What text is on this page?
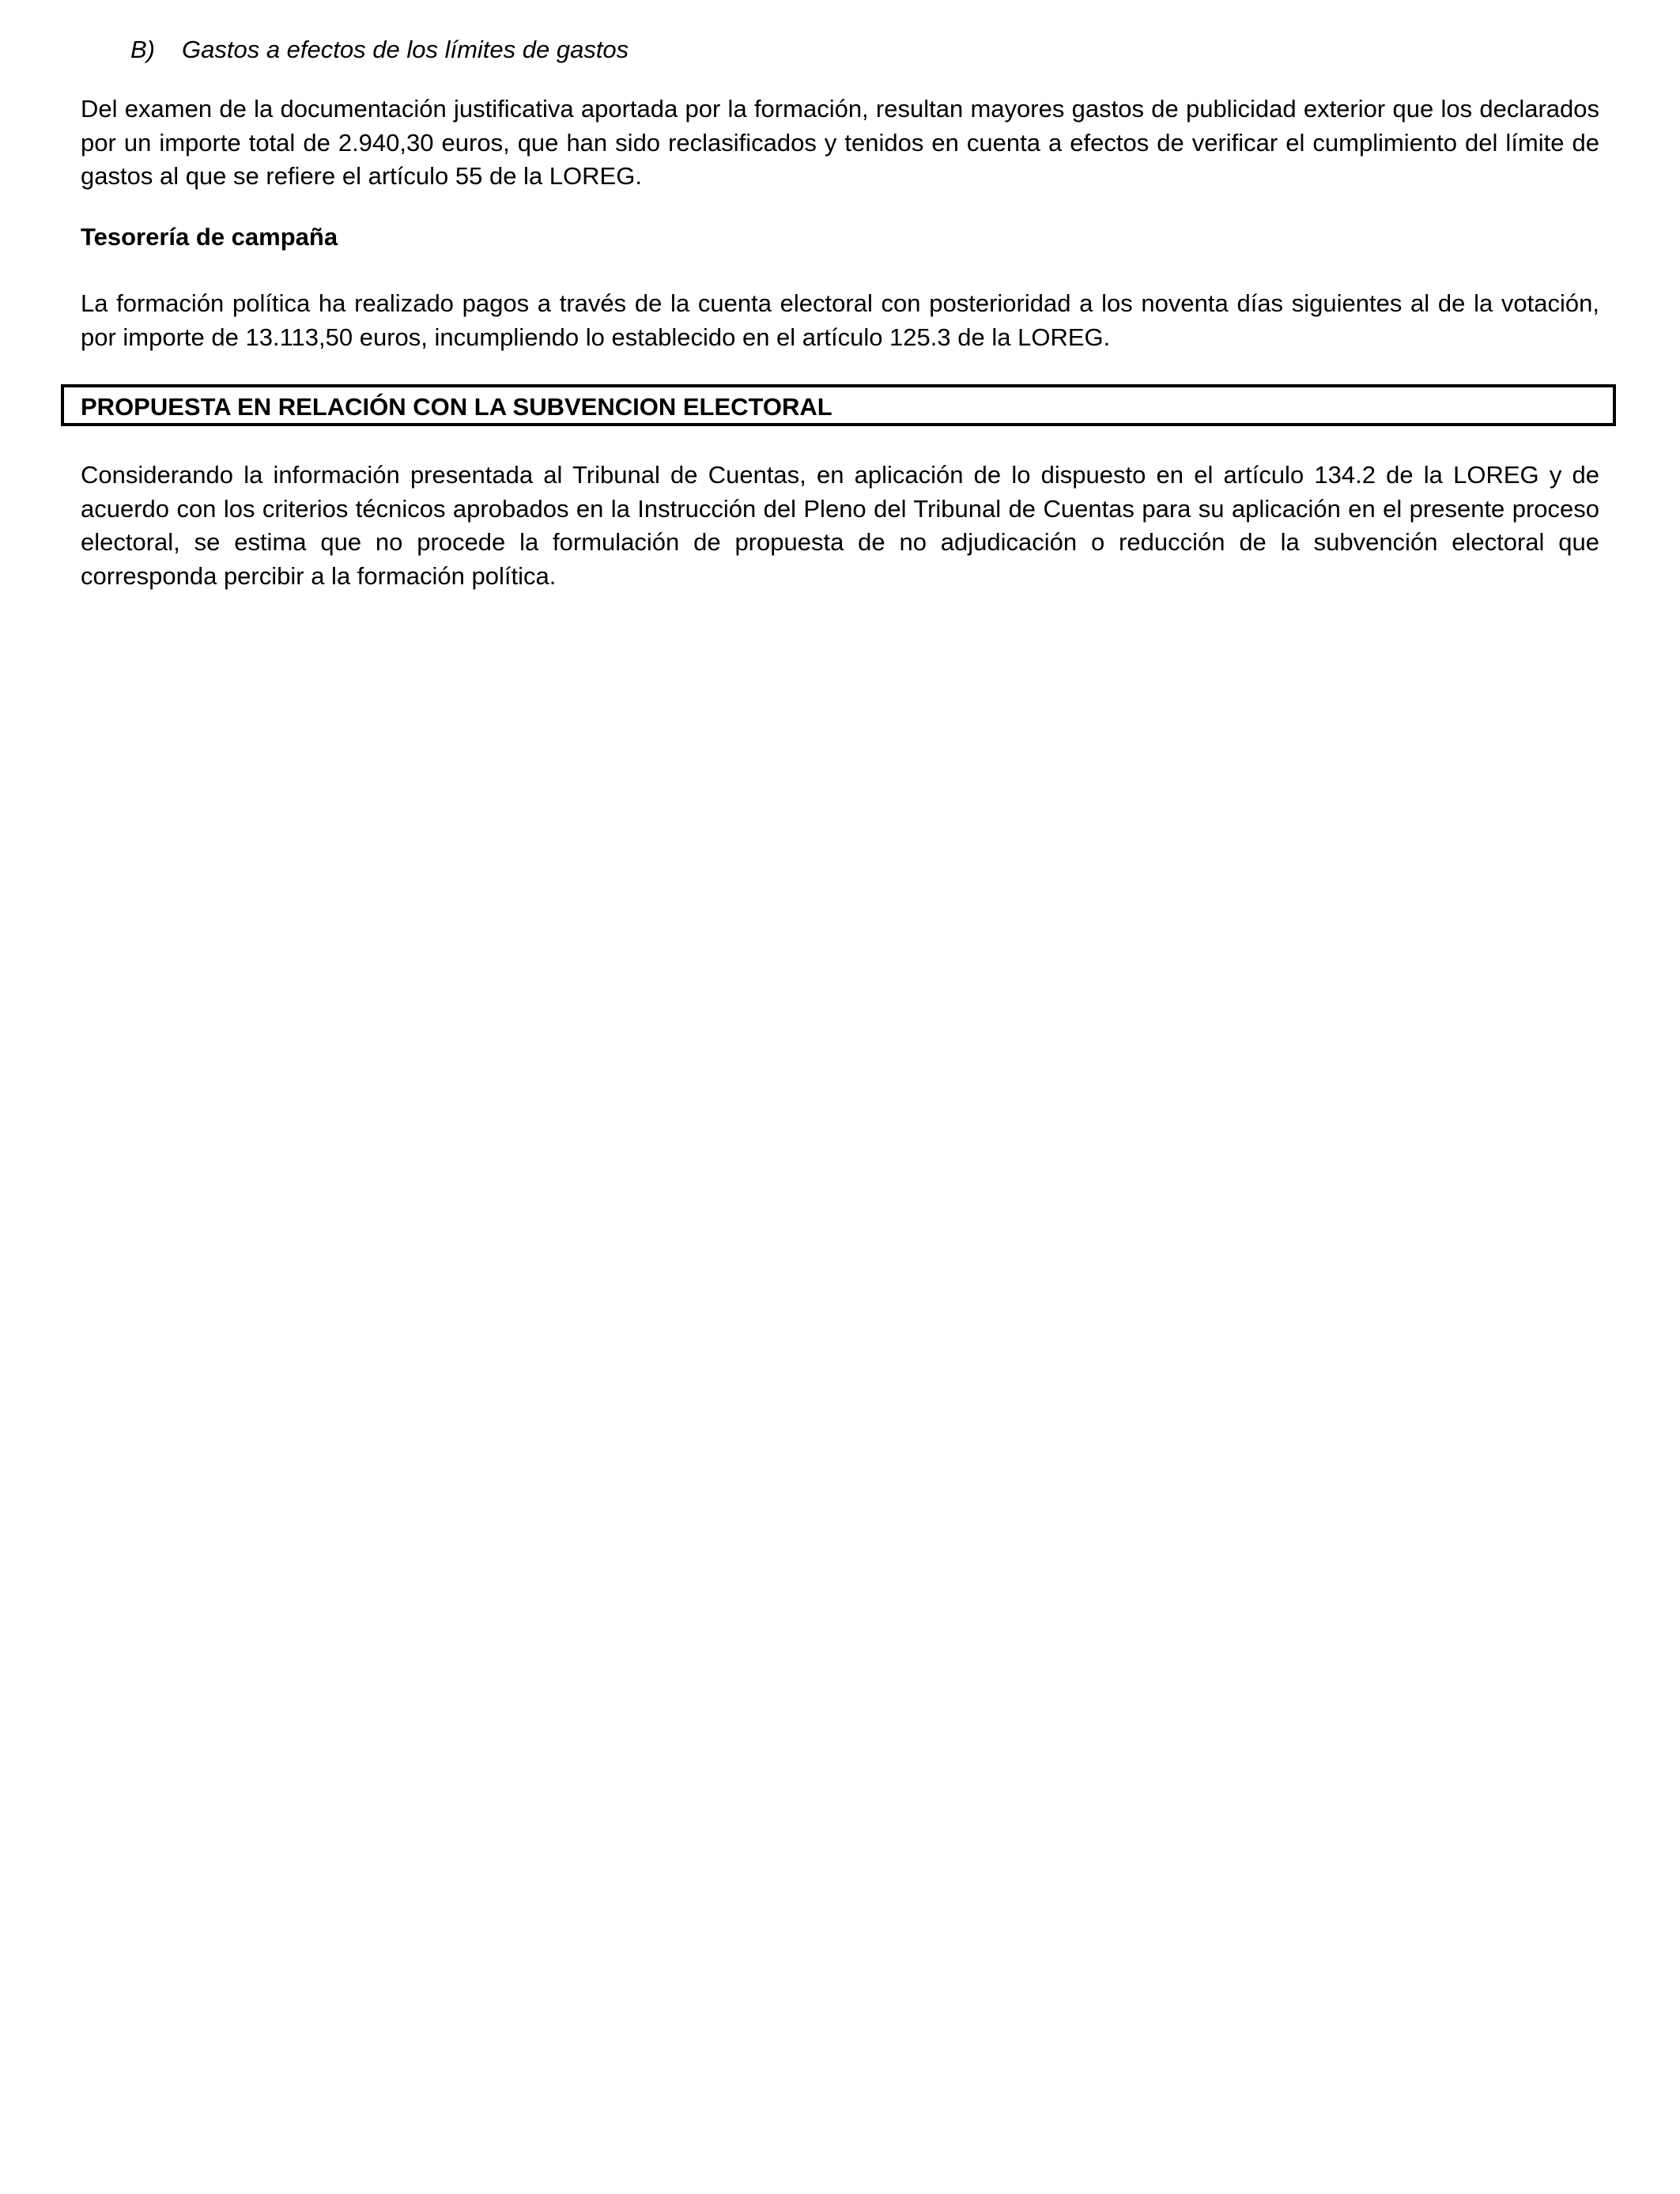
B) Gastos a efectos de los límites de gastos

Del examen de la documentación justificativa aportada por la formación, resultan mayores gastos de publicidad exterior que los declarados por un importe total de 2.940,30 euros, que han sido reclasificados y tenidos en cuenta a efectos de verificar el cumplimiento del límite de gastos al que se refiere el artículo 55 de la LOREG.

Tesorería de campaña

La formación política ha realizado pagos a través de la cuenta electoral con posterioridad a los noventa días siguientes al de la votación, por importe de 13.113,50 euros, incumpliendo lo establecido en el artículo 125.3 de la LOREG.

PROPUESTA EN RELACIÓN CON LA SUBVENCION ELECTORAL

Considerando la información presentada al Tribunal de Cuentas, en aplicación de lo dispuesto en el artículo 134.2 de la LOREG y de acuerdo con los criterios técnicos aprobados en la Instrucción del Pleno del Tribunal de Cuentas para su aplicación en el presente proceso electoral, se estima que no procede la formulación de propuesta de no adjudicación o reducción de la subvención electoral que corresponda percibir a la formación política.
